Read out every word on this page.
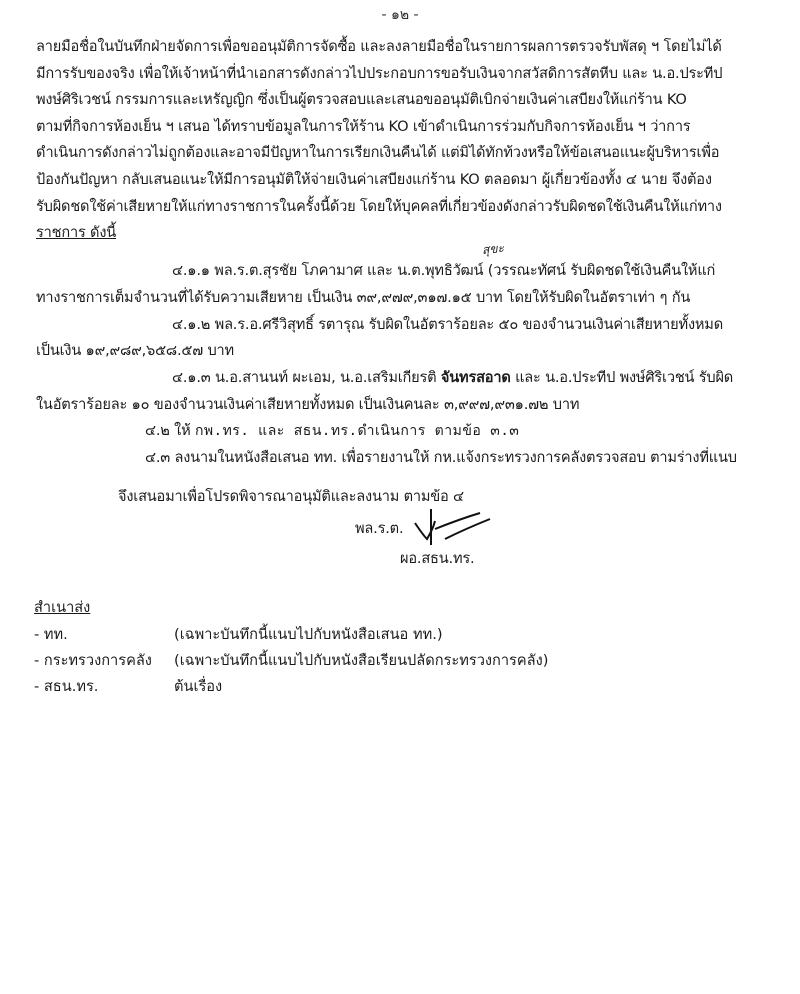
- ๑๒ -
ลายมือชื่อในบันทึกฝ่ายจัดการเพื่อขออนุมัติการจัดซื้อ และลงลายมือชื่อในรายการผลการตรวจรับพัสดุ ฯ โดยไม่ได้
มีการรับของจริง เพื่อให้เจ้าหน้าที่นำเอกสารดังกล่าวไปประกอบการขอรับเงินจากสวัสดิการสัตหีบ และ น.อ.ประทีป
พงษ์ศิริเวชน์ กรรมการและเหรัญญิก ซึ่งเป็นผู้ตรวจสอบและเสนอขออนุมัติเบิกจ่ายเงินค่าเสบียงให้แก่ร้าน KO
ตามที่กิจการห้องเย็น ฯ เสนอ ได้ทราบข้อมูลในการให้ร้าน KO เข้าดำเนินการร่วมกับกิจการห้องเย็น ฯ ว่าการ
ดำเนินการดังกล่าวไม่ถูกต้องและอาจมีปัญหาในการเรียกเงินคืนได้ แต่มิได้ทักท้วงหรือให้ข้อเสนอแนะผู้บริหารเพื่อ
ป้องกันปัญหา กลับเสนอแนะให้มีการอนุมัติให้จ่ายเงินค่าเสบียงแก่ร้าน KO ตลอดมา ผู้เกี่ยวข้องทั้ง ๔ นาย จึงต้อง
รับผิดชดใช้ค่าเสียหายให้แก่ทางราชการในครั้งนี้ด้วย โดยให้บุคคลที่เกี่ยวข้องดังกล่าวรับผิดชดใช้เงินคืนให้แก่ทาง
ราชการ ดังนี้
สุขะ
๔.๑.๑ พล.ร.ต.สุรชัย โภคามาศ และ น.ต.พุทธิวัฒน์ (วรรณะทัศน์ รับผิดชดใช้เงินคืนให้แก่
ทางราชการเต็มจำนวนที่ได้รับความเสียหาย เป็นเงิน ๓๙,๙๗๙,๓๑๗.๑๕ บาท โดยให้รับผิดในอัตราเท่า ๆ กัน
๔.๑.๒ พล.ร.อ.ศรีวิสุทธิ์ รตารุณ รับผิดในอัตราร้อยละ ๕๐ ของจำนวนเงินค่าเสียหายทั้งหมด
เป็นเงิน ๑๙,๙๘๙,๖๕๘.๕๗ บาท
๔.๑.๓ น.อ.สานนท์ ผะเอม, น.อ.เสริมเกียรติ จันทรสอาด และ น.อ.ประทีป พงษ์ศิริเวชน์ รับผิด
ในอัตราร้อยละ ๑๐ ของจำนวนเงินค่าเสียหายทั้งหมด เป็นเงินคนละ ๓,๙๙๗,๙๓๑.๗๒ บาท
๔.๒ ให้ กพ.ทร. และ สธน.ทร.ดำเนินการ ตามข้อ ๓.๓
๔.๓ ลงนามในหนังสือเสนอ ทท. เพื่อรายงานให้ กห.แจ้งกระทรวงการคลังตรวจสอบ ตามร่างที่แนบ
จึงเสนอมาเพื่อโปรดพิจารณาอนุมัติและลงนาม ตามข้อ ๔
พล.ร.ต.
ผอ.สธน.ทร.
สำเนาส่ง
- ทท.	(เฉพาะบันทึกนี้แนบไปกับหนังสือเสนอ ทท.)
- กระทรวงการคลัง (เฉพาะบันทึกนี้แนบไปกับหนังสือเรียนปลัดกระทรวงการคลัง)
- สธน.ทร.	ต้นเรื่อง
